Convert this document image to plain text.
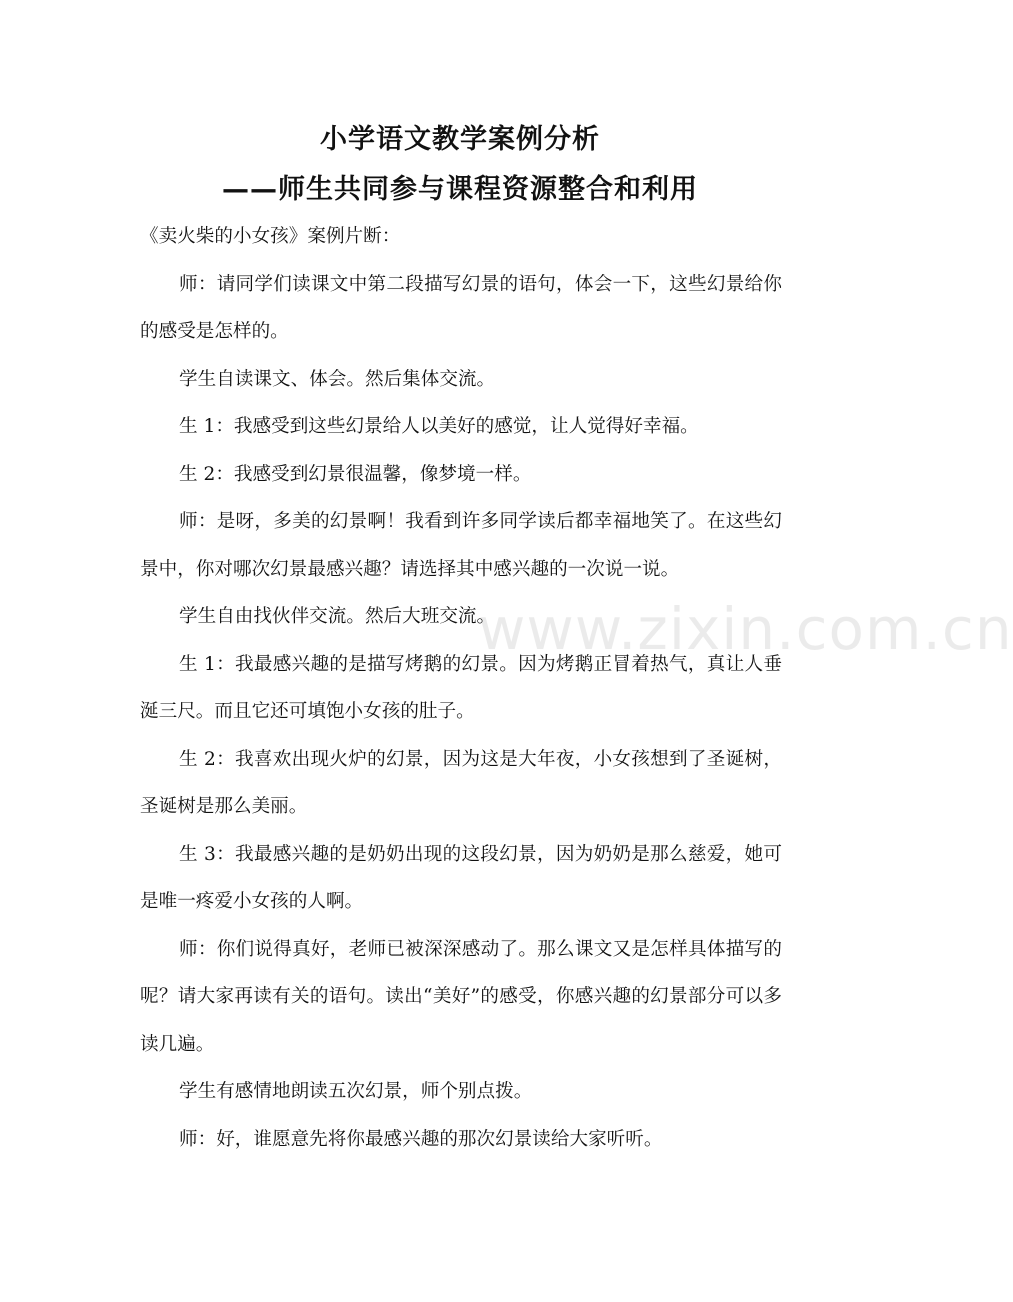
小学语文教学案例分析
——师生共同参与课程资源整合和利用

《卖火柴的小女孩》案例片断：

师：请同学们读课文中第二段描写幻景的语句，体会一下，这些幻景给你的感受是怎样的。

学生自读课文、体会。然后集体交流。

生 1：我感受到这些幻景给人以美好的感觉，让人觉得好幸福。

生 2：我感受到幻景很温馨，像梦境一样。

师：是呀，多美的幻景啊！我看到许多同学读后都幸福地笑了。在这些幻景中，你对哪次幻景最感兴趣？请选择其中感兴趣的一次说一说。

学生自由找伙伴交流。然后大班交流。

生 1：我最感兴趣的是描写烤鹅的幻景。因为烤鹅正冒着热气，真让人垂涎三尺。而且它还可填饱小女孩的肚子。

生 2：我喜欢出现火炉的幻景，因为这是大年夜，小女孩想到了圣诞树，圣诞树是那么美丽。

生 3：我最感兴趣的是奶奶出现的这段幻景，因为奶奶是那么慈爱，她可是唯一疼爱小女孩的人啊。

师：你们说得真好，老师已被深深感动了。那么课文又是怎样具体描写的呢？请大家再读有关的语句。读出“美好”的感受，你感兴趣的幻景部分可以多读几遍。

学生有感情地朗读五次幻景，师个别点拨。

师：好，谁愿意先将你最感兴趣的那次幻景读给大家听听。

www.zixin.com.cn
